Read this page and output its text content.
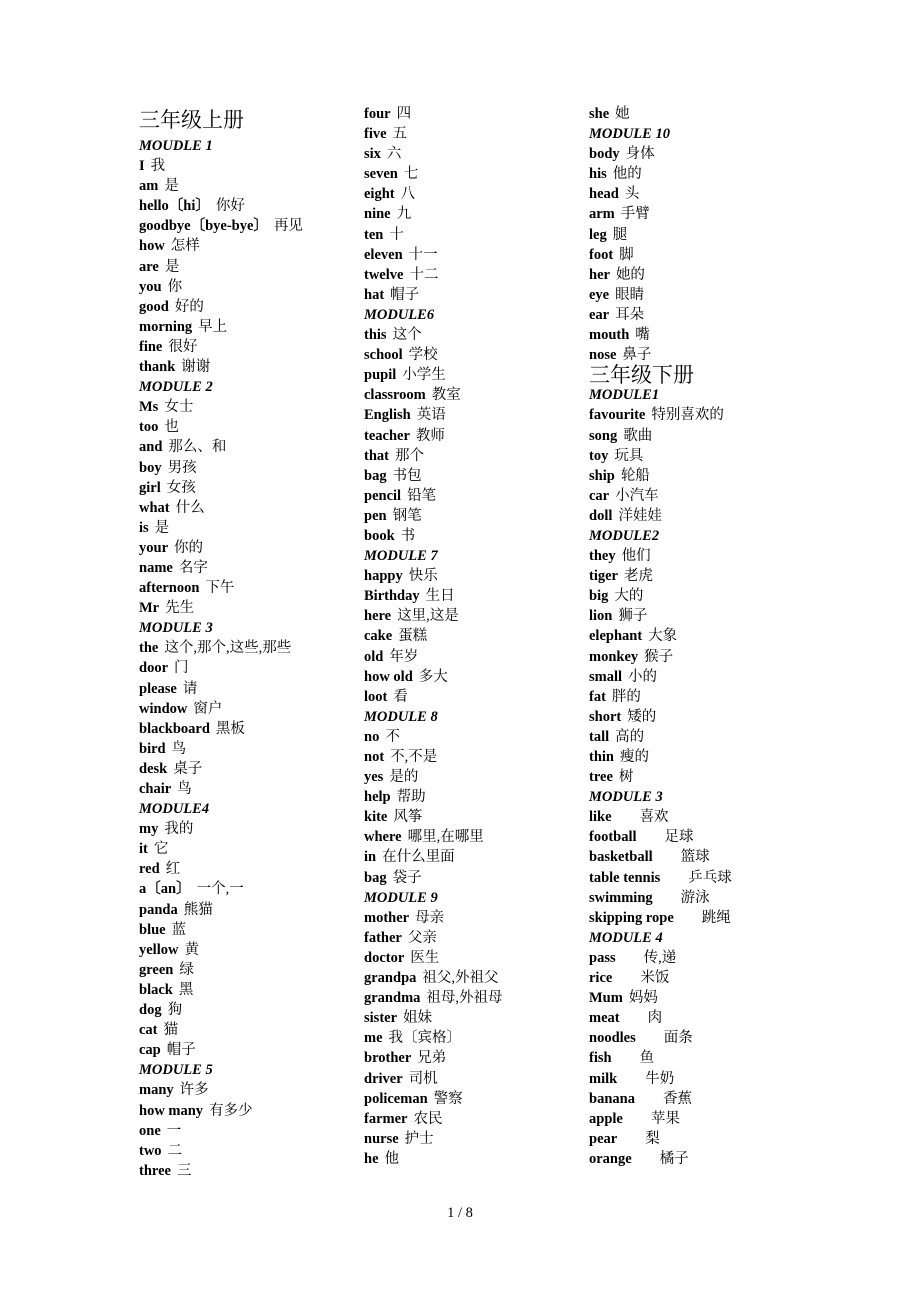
三年级上册
MOUDLE 1
I 我
am 是
hello〔hi〕 你好
goodbye〔bye-bye〕 再见
how 怎样
are 是
you 你
good 好的
morning 早上
fine 很好
thank 谢谢
MODULE 2
Ms 女士
too 也
and 那么、和
boy 男孩
girl 女孩
what 什么
is 是
your 你的
name 名字
afternoon 下午
Mr 先生
MODULE 3
the 这个,那个,这些,那些
door 门
please 请
window 窗户
blackboard 黑板
bird 鸟
desk 桌子
chair 鸟
MODULE4
my 我的
it 它
red 红
a〔an〕 一个,一
panda 熊猫
blue 蓝
yellow 黄
green 绿
black 黑
dog 狗
cat 猫
cap 帽子
MODULE 5
many 许多
how many 有多少
one 一
two 二
three 三
four 四
five 五
six 六
seven 七
eight 八
nine 九
ten 十
eleven 十一
twelve 十二
hat 帽子
MODULE6
this 这个
school 学校
pupil 小学生
classroom 教室
English 英语
teacher 教师
that 那个
bag 书包
pencil 铅笔
pen 钢笔
book 书
MODULE 7
happy 快乐
Birthday 生日
here 这里,这是
cake 蛋糕
old 年岁
how old 多大
loot 看
MODULE 8
no 不
not 不,不是
yes 是的
help 帮助
kite 风筝
where 哪里,在哪里
in 在什么里面
bag 袋子
MODULE 9
mother 母亲
father 父亲
doctor 医生
grandpa 祖父,外祖父
grandma 祖母,外祖母
sister 姐妹
me 我〔宾格〕
brother 兄弟
driver 司机
policeman 警察
farmer 农民
nurse 护士
he 他
she 她
MODULE 10
body 身体
his 他的
head 头
arm 手臂
leg 腿
foot 脚
her 她的
eye 眼睛
ear 耳朵
mouth 嘴
nose 鼻子
三年级下册
MODULE1
favourite 特别喜欢的
song 歌曲
toy 玩具
ship 轮船
car 小汽车
doll 洋娃娃
MODULE2
they 他们
tiger 老虎
big 大的
lion 狮子
elephant 大象
monkey 猴子
small 小的
fat 胖的
short 矮的
tall 高的
thin 瘦的
tree 树
MODULE 3
like 喜欢
football 足球
basketball 篮球
table tennis 乒乓球
swimming 游泳
skipping rope 跳绳
MODULE 4
pass 传,递
rice 米饭
Mum 妈妈
meat 肉
noodles 面条
fish 鱼
milk 牛奶
banana 香蕉
apple 苹果
pear 梨
orange 橘子
1 / 8
